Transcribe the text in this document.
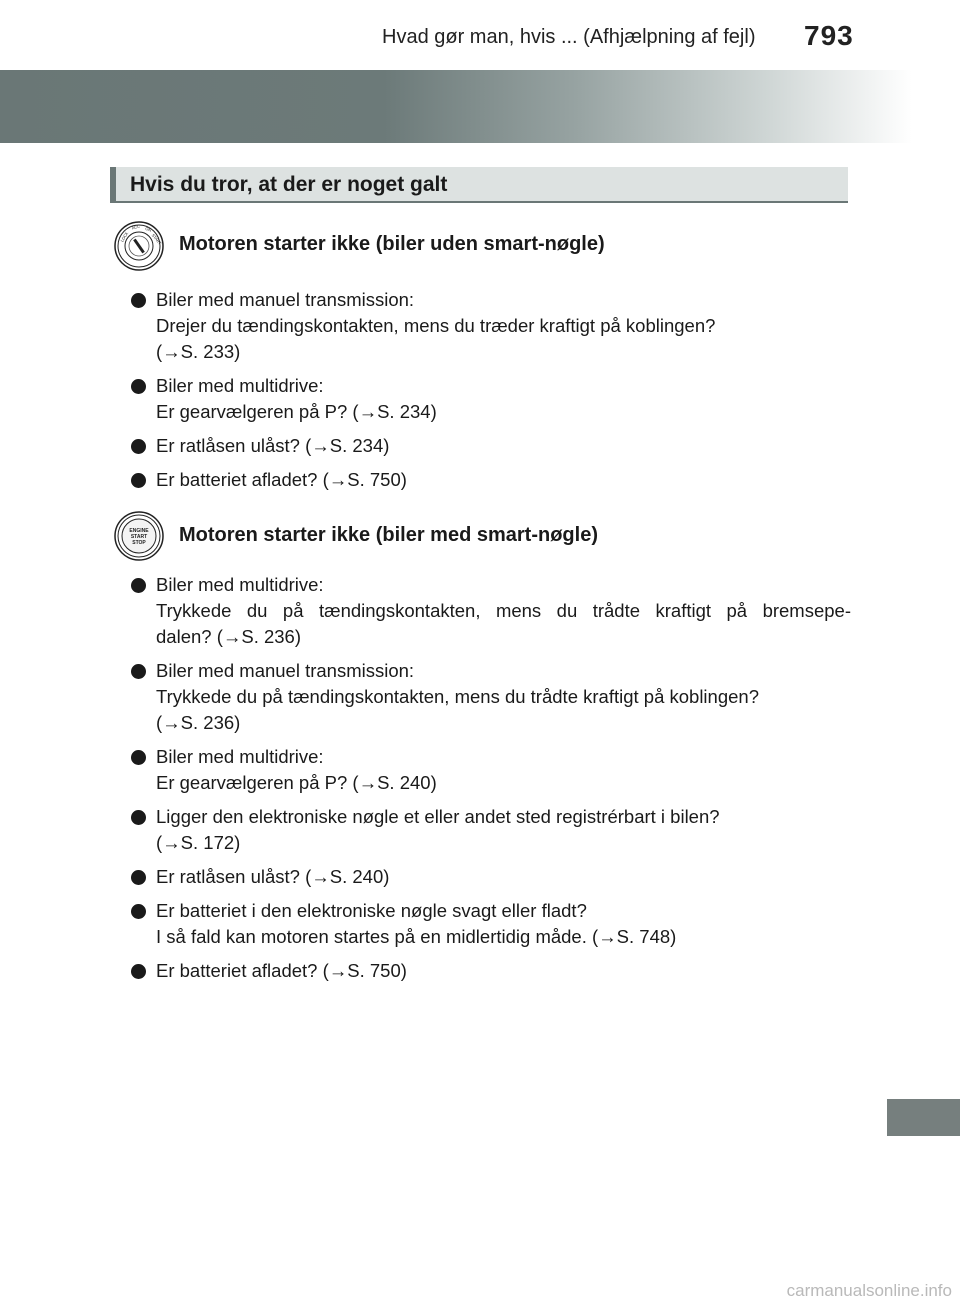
Hvad gør man, hvis ... (Afhjælpning af fejl) 793
Hvis du tror, at der er noget galt
LOCK
ACC ON
START Motoren starter ikke (biler uden smart-nøgle)
Biler med manuel transmission:
Drejer du tændingskontakten, mens du træder kraftigt på koblingen?
(→S. 233)
Biler med multidrive:
Er gearvælgeren på P? (→S. 234)
Er ratlåsen ulåst? (→S. 234)
Er batteriet afladet? (→S. 750)
ENGINE
START
STOP Motoren starter ikke (biler med smart-nøgle)
Biler med multidrive:
Trykkede du på tændingskontakten, mens du trådte kraftigt på bremsepe-
dalen? (→S. 236)
Biler med manuel transmission:
Trykkede du på tændingskontakten, mens du trådte kraftigt på koblingen?
(→S. 236)
Biler med multidrive:
Er gearvælgeren på P? (→S. 240)
Ligger den elektroniske nøgle et eller andet sted registrérbart i bilen?
(→S. 172)
Er ratlåsen ulåst? (→S. 240)
Er batteriet i den elektroniske nøgle svagt eller fladt?
I så fald kan motoren startes på en midlertidig måde. (→S. 748)
Er batteriet afladet? (→S. 750)
carmanualsonline.info
